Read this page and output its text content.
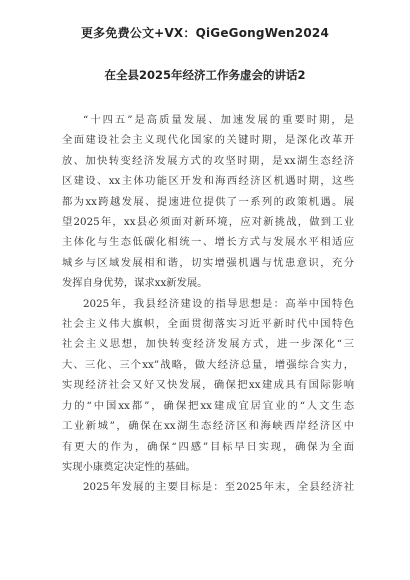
更多免费公文+VX：QiGeGongWen2024
在全县2025年经济工作务虚会的讲话2

“十四五”是高质量发展、加速发展的重要时期，是
全面建设社会主义现代化国家的关键时期，是深化改革开
放、加快转变经济发展方式的攻坚时期，是xx湖生态经济
区建设、xx主体功能区开发和海西经济区机遇时期，这些
都为xx跨越发展、提速进位提供了一系列的政策机遇。展
望2025年，xx县必须面对新环境，应对新挑战，做到工业
主体化与生态低碳化相统一、增长方式与发展水平相适应
城乡与区域发展相和谐，切实增强机遇与忧患意识，充分
发挥自身优势，谋求xx新发展。

2025年，我县经济建设的指导思想是：高举中国特色
社会主义伟大旗帜，全面贯彻落实习近平新时代中国特色
社会主义思想，加快转变经济发展方式，进一步深化“三
大、三化、三个xx”战略，做大经济总量，增强综合实力，
实现经济社会又好又快发展，确保把xx建成具有国际影响
力的“中国xx都”，确保把xx建成宜居宜业的“人文生态
工业新城”，确保在xx湖生态经济区和海峡西岸经济区中
有更大的作为，确保“四感”目标早日实现，确保为全面
实现小康奠定决定性的基础。

2025年发展的主要目标是：至2025年末，全县经济社
